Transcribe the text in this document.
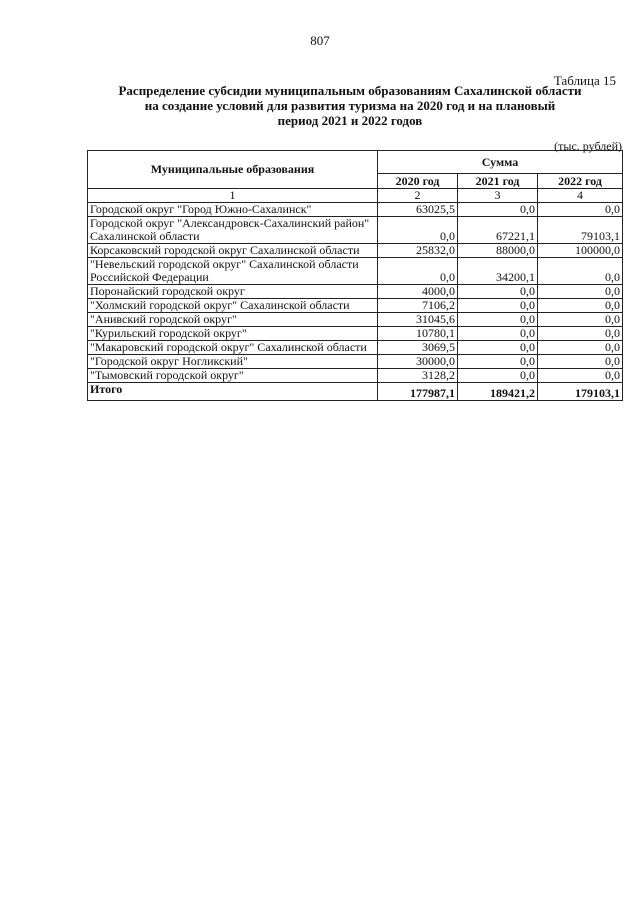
807
Таблица 15
Распределение субсидии муниципальным образованиям Сахалинской области
на создание условий для развития туризма на 2020 год и на плановый
период 2021 и 2022 годов
(тыс. рублей)
Муниципальные образования	Сумма		
	2020 год	2021 год	2022 год
1	2	3	4
Городской округ "Город Южно-Сахалинск"	63025,5	0,0	0,0
Городской округ "Александровск-Сахалинский район" Сахалинской области	0,0	67221,1	79103,1
Корсаковский городской округ Сахалинской области	25832,0	88000,0	100000,0
"Невельский городской округ" Сахалинской области Российской Федерации	0,0	34200,1	0,0
Поронайский городской округ	4000,0	0,0	0,0
"Холмский городской округ" Сахалинской области	7106,2	0,0	0,0
"Анивский городской округ"	31045,6	0,0	0,0
"Курильский городской округ"	10780,1	0,0	0,0
"Макаровский городской округ" Сахалинской области	3069,5	0,0	0,0
"Городской округ Ногликский"	30000,0	0,0	0,0
"Тымовский городской округ"	3128,2	0,0	0,0
Итого	177987,1	189421,2	179103,1
